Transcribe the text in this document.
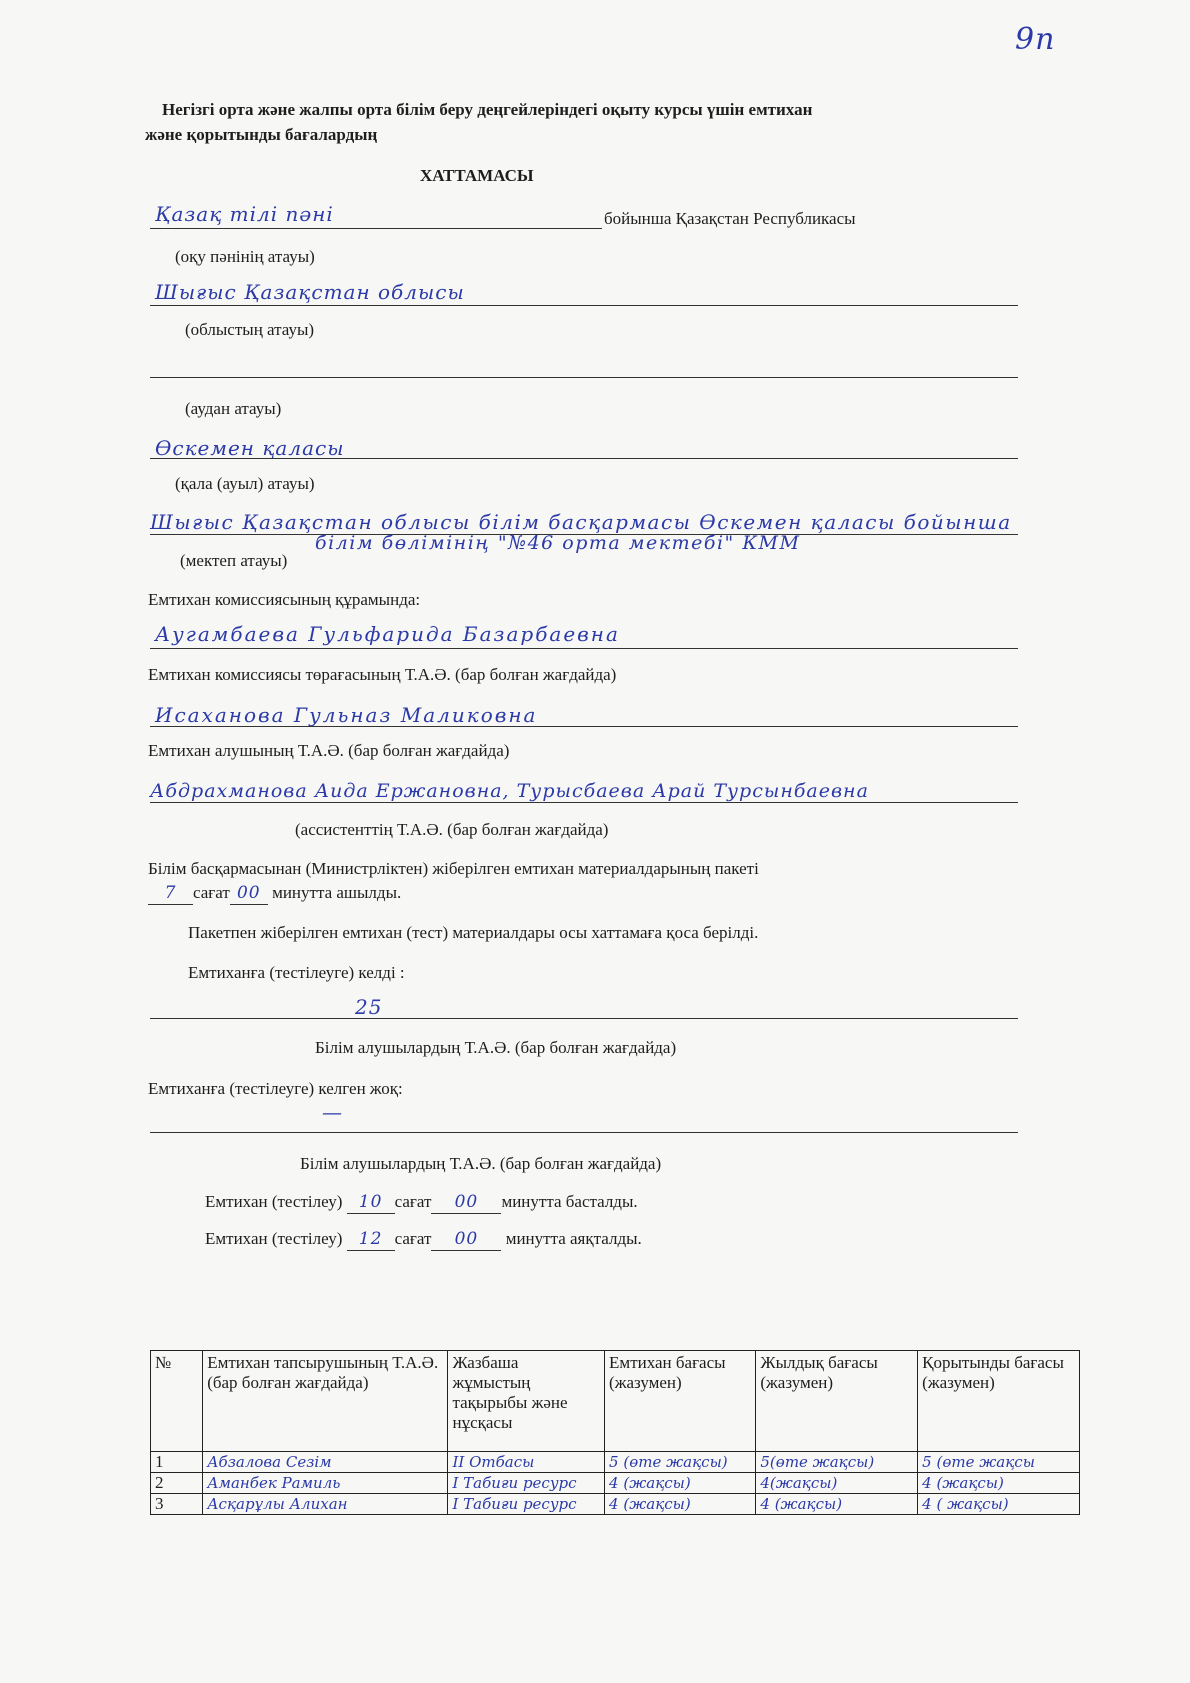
9п
Негізгі орта және жалпы орта білім беру деңгейлеріндегі оқыту курсы үшін емтихан
және қорытынды бағалардың
ХАТТАМАСЫ
Қазақ тілі пәні	бойынша Қазақстан Республикасы
(оқу пәнінің атауы)
Шығыс Қазақстан облысы
(облыстың атауы)
(аудан атауы)
Өскемен қаласы
(қала (ауыл) атауы)
Шығыс Қазақстан облысы білім басқармасы Өскемен қаласы бойынша
(мектеп атауы)
білім бөлімінің "№46 орта мектебі" КММ
Емтихан комиссиясының құрамында:
Аугамбаева Гульфарида Базарбаевна
Емтихан комиссиясы төрағасының Т.А.Ә. (бар болған жағдайда)
Исаханова Гульназ Маликовна
Емтихан алушының Т.А.Ә. (бар болған жағдайда)
Абдрахманова Аида Ержановна, Турысбаева Арай Турсынбаевна
(ассистенттің Т.А.Ә. (бар болған жағдайда)
Білім басқармасынан (Министрліктен) жіберілген емтихан материалдарының пакеті
7 сағат 00 минутта ашылды.
Пакетпен жіберілген емтихан (тест) материалдары осы хаттамаға қоса берілді.
Емтиханға (тестілеуге) келді :
25
Білім алушылардың Т.А.Ә. (бар болған жағдайда)
Емтиханға (тестілеуге) келген жоқ:
—
Білім алушылардың Т.А.Ә. (бар болған жағдайда)
Емтихан (тестілеу) 10 сағат 00 минутта басталды.
Емтихан (тестілеу) 12 сағат 00 минутта аяқталды.
№	Емтихан тапсырушының Т.А.Ә. (бар болған жағдайда)	Жазбаша жұмыстың тақырыбы және нұсқасы	Емтихан бағасы (жазумен)	Жылдық бағасы (жазумен)	Қорытынды бағасы (жазумен)
1	Абзалова Сезім	II Отбасы	5 (өте жақсы)	5(өте жақсы)	5 (өте жақсы
2	Аманбек Рамиль	I Табиғи ресурс	4 (жақсы)	4(жақсы)	4 (жақсы)
3	Асқарұлы Алихан	I Табиғи ресурс	4 (жақсы)	4 (жақсы)	4 ( жақсы)
